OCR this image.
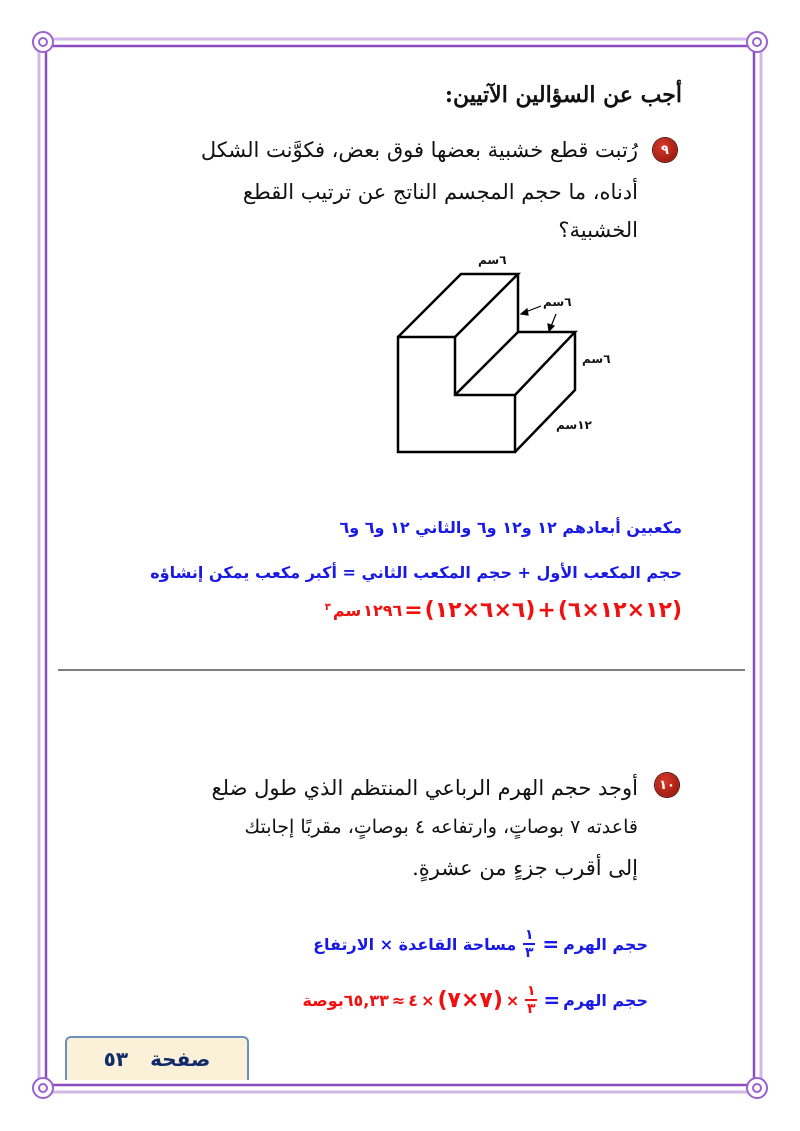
أجب عن السؤالين الآتيين:
٩
رُتبت قطع خشبية بعضها فوق بعض، فكوَّنت الشكل
أدناه، ما حجم المجسم الناتج عن ترتيب القطع
الخشبية؟
٦سم
٦سم
٦سم
١٢سم
مكعبين أبعادهم ١٢ و١٢ و٦ والثاني ١٢ و٦ و٦
حجم المكعب الأول + حجم المكعب الثاني = أكبر مكعب يمكن إنشاؤه
٣ سم ١٢٩٦ = (٦×٦×١٢) + (١٢×١٢×٦)
١٠
أوجد حجم الهرم الرباعي المنتظم الذي طول ضلع
قاعدته ٧ بوصاتٍ، وارتفاعه ٤ بوصاتٍ، مقربًا إجابتك
إلى أقرب جزءٍ من عشرةٍ.
حجم الهرم
=
$\frac{١}{٣}$
مساحة القاعدة × الارتفاع
حجم الهرم
=
$\frac{١}{٣}$
×
(٧×٧)
×
٤
≈
٦٥,٣٣بوصة
صفحة
٥٣
